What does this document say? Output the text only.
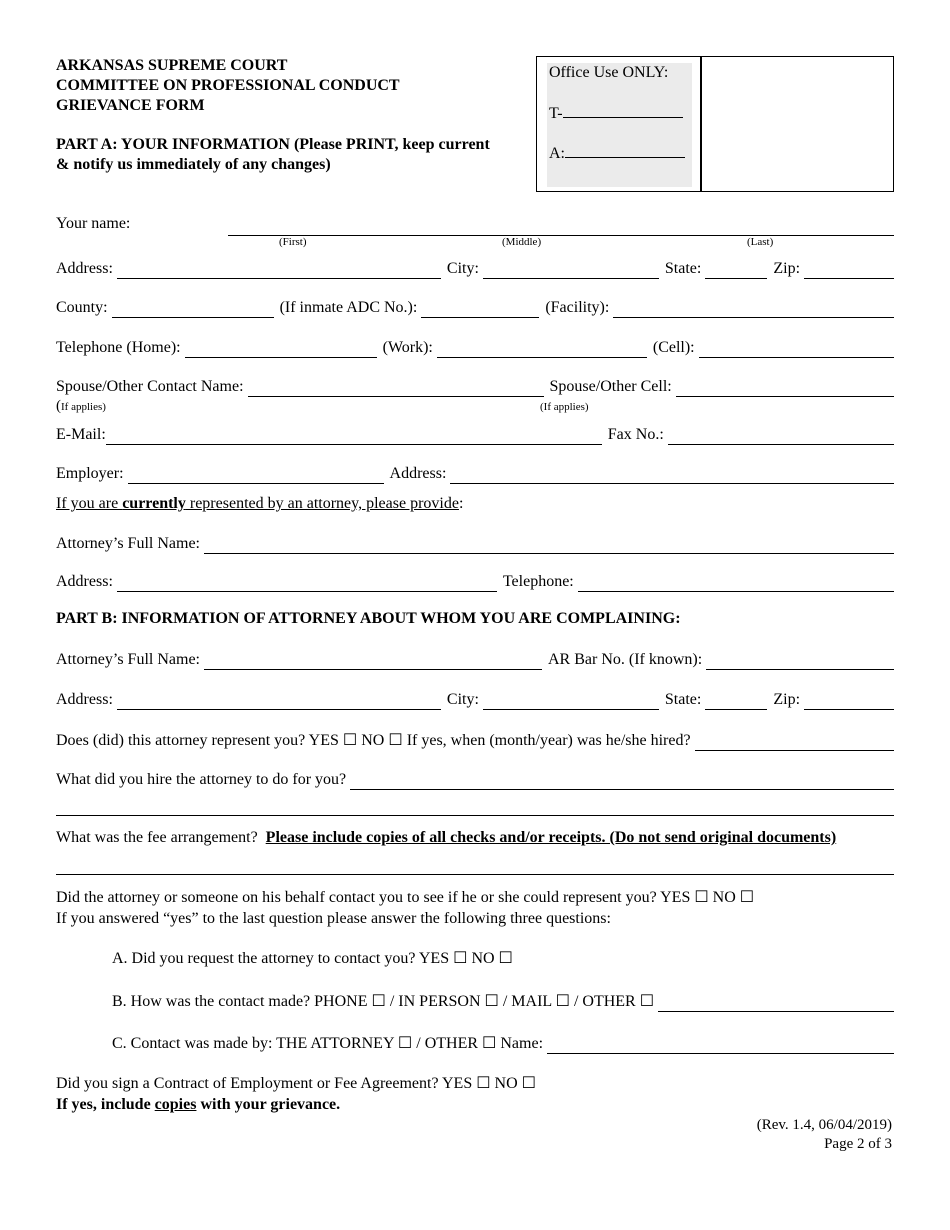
ARKANSAS SUPREME COURT
COMMITTEE ON PROFESSIONAL CONDUCT
GRIEVANCE FORM
PART A: YOUR INFORMATION (Please PRINT, keep current & notify us immediately of any changes)
Office Use ONLY:
T-
A:
Your name:
(First)	(Middle)	(Last)
Address:	City:	State:	Zip:
County:	(If inmate ADC No.):	(Facility):
Telephone (Home):	(Work):	(Cell):
Spouse/Other Contact Name:	Spouse/Other Cell:
(If applies)	(If applies)
E-Mail:	Fax No.:
Employer:	Address:
If you are currently represented by an attorney, please provide:
Attorney’s Full Name:
Address:	Telephone:
PART B: INFORMATION OF ATTORNEY ABOUT WHOM YOU ARE COMPLAINING:
Attorney’s Full Name:	AR Bar No. (If known):
Address:	City:	State:	Zip:
Does (did) this attorney represent you? YES ☐ NO ☐ If yes, when (month/year) was he/she hired?
What did you hire the attorney to do for you?
What was the fee arrangement? Please include copies of all checks and/or receipts. (Do not send original documents)
Did the attorney or someone on his behalf contact you to see if he or she could represent you? YES ☐ NO ☐
If you answered “yes” to the last question please answer the following three questions:
A. Did you request the attorney to contact you? YES ☐ NO ☐
B. How was the contact made? PHONE ☐ / IN PERSON ☐ / MAIL ☐ / OTHER ☐
C. Contact was made by: THE ATTORNEY ☐ / OTHER ☐ Name:
Did you sign a Contract of Employment or Fee Agreement? YES ☐ NO ☐
If yes, include copies with your grievance.
(Rev. 1.4, 06/04/2019)
Page 2 of 3
